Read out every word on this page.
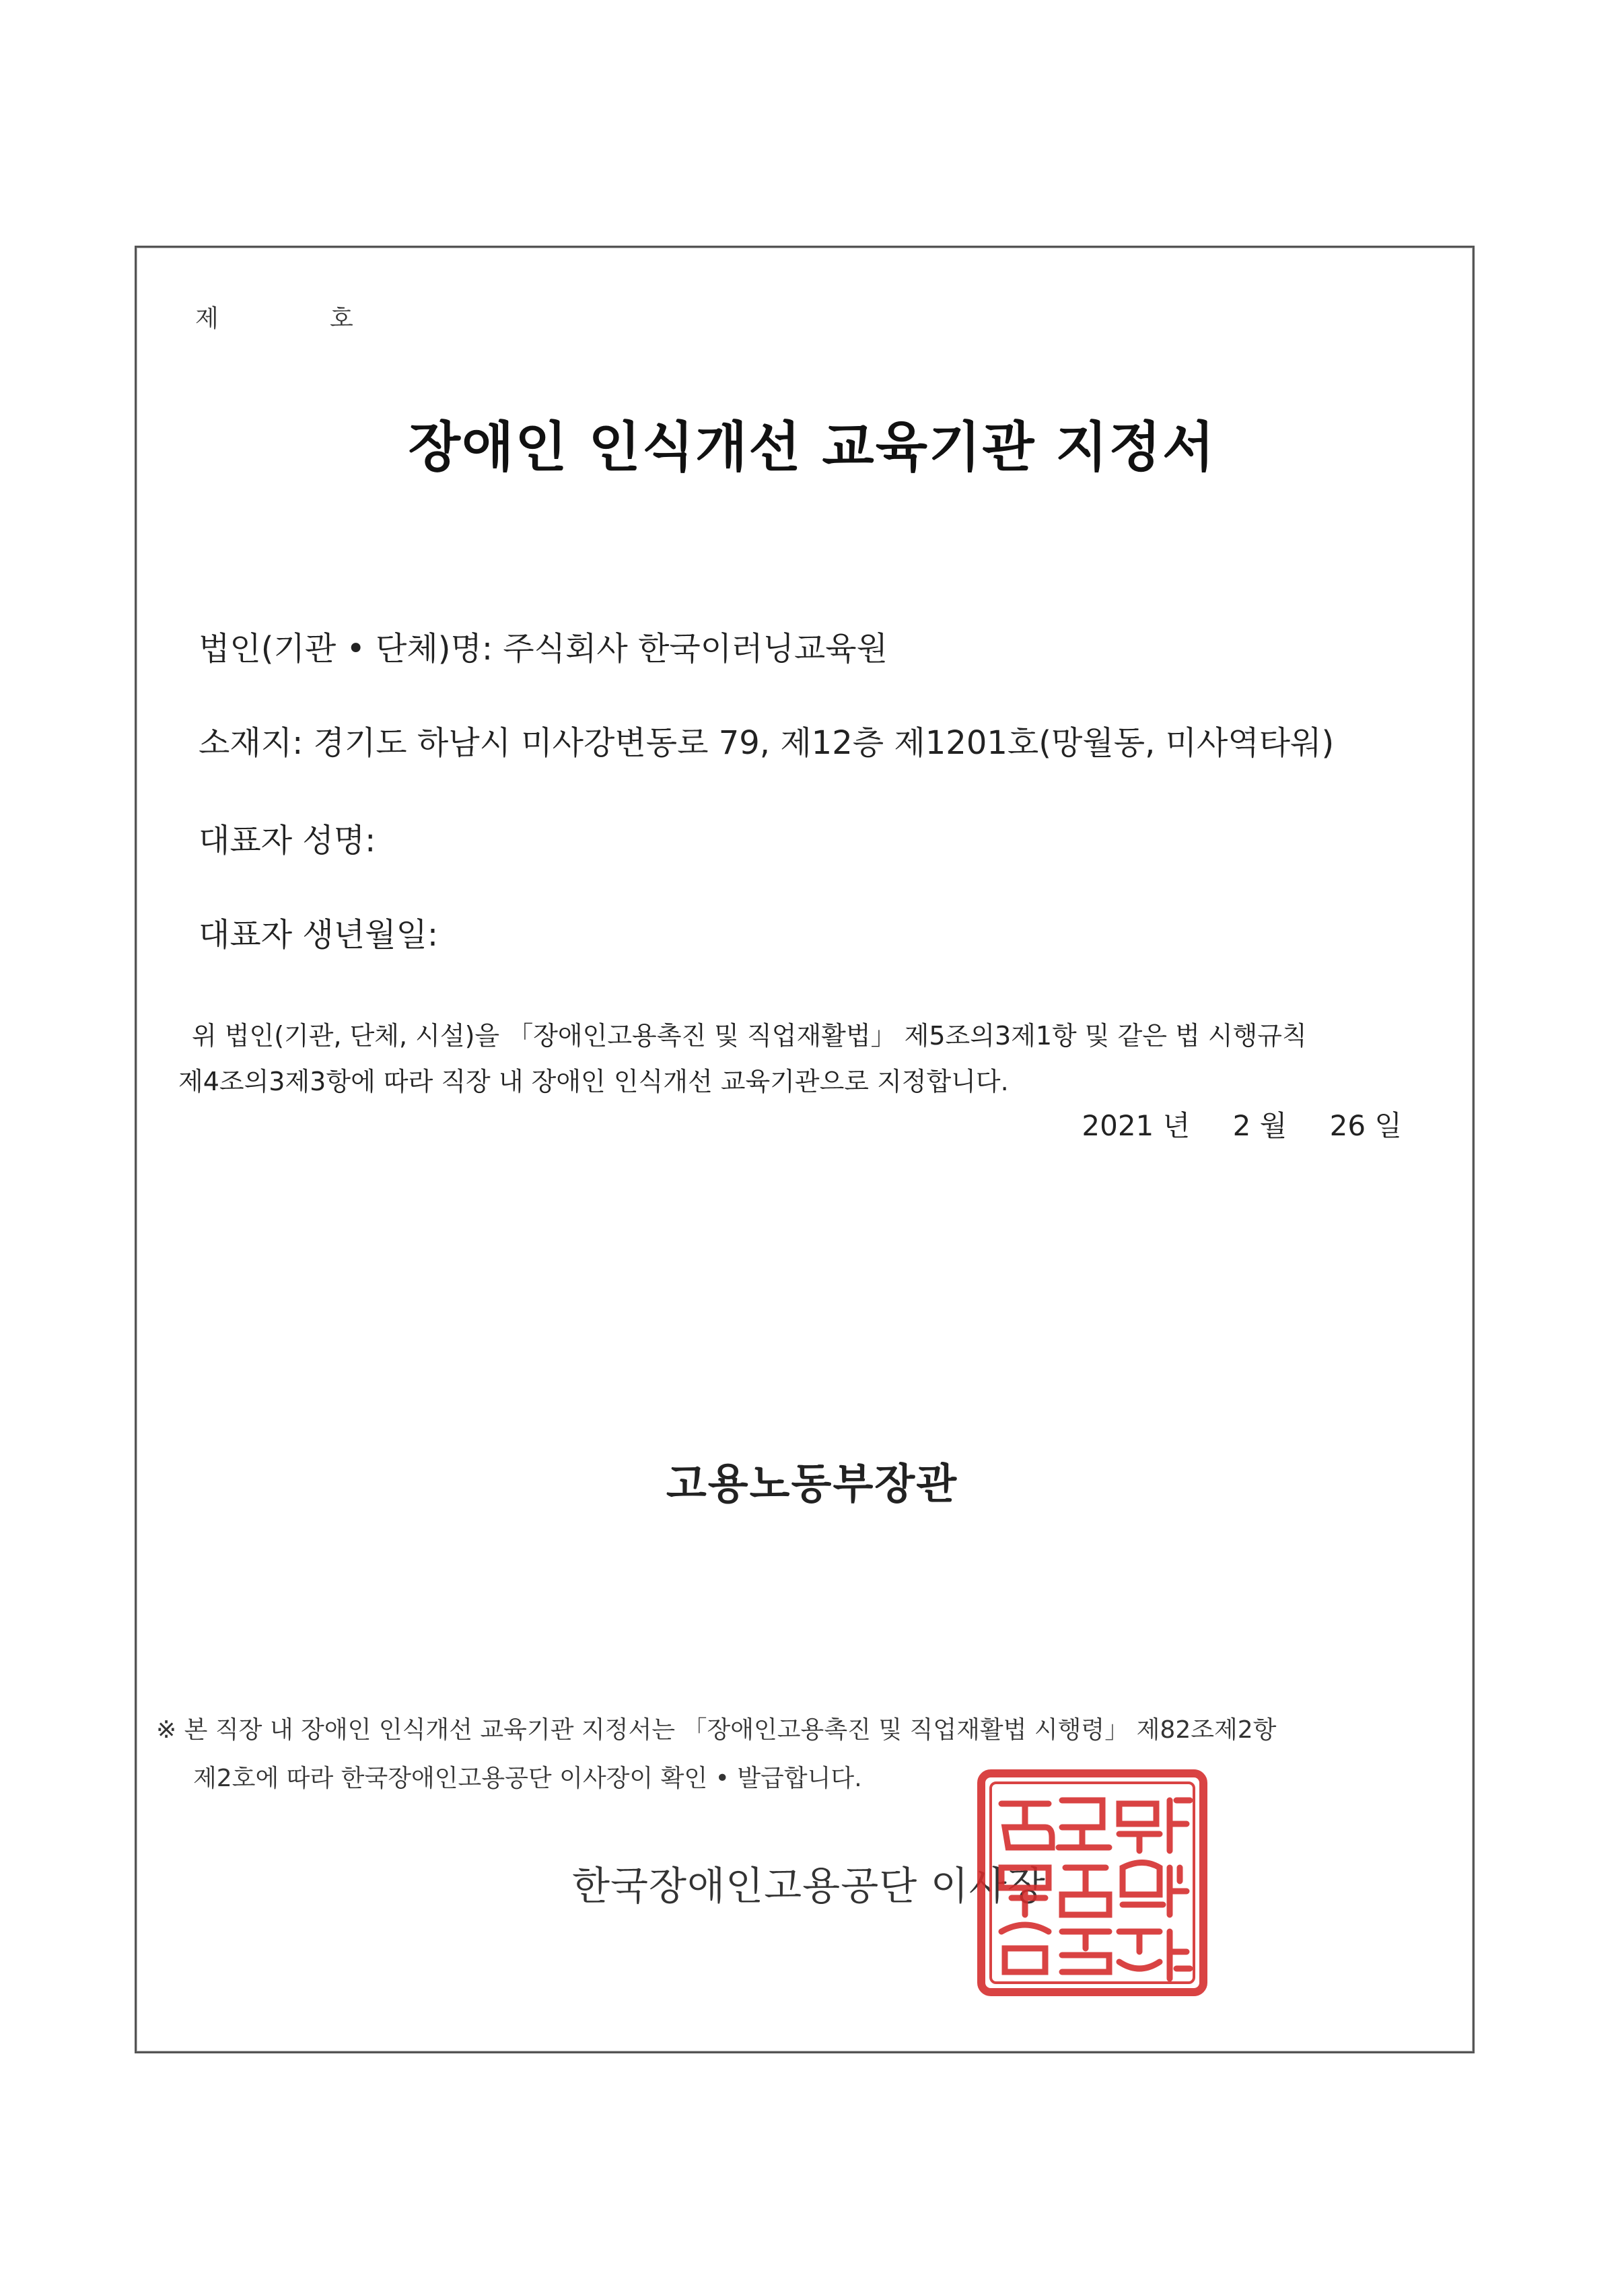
제	호
장애인 인식개선 교육기관 지정서
법인(기관 • 단체)명: 주식회사 한국이러닝교육원
소재지: 경기도 하남시 미사강변동로 79, 제12층 제1201호(망월동, 미사역타워)
대표자 성명:
대표자 생년월일:

위 법인(기관, 단체, 시설)을 「장애인고용촉진 및 직업재활법」 제5조의3제1항 및 같은 법 시행규칙

제4조의3제3항에 따라 직장 내 장애인 인식개선 교육기관으로 지정합니다.

2021 년 2 월 26 일
고용노동부장관

※ 본 직장 내 장애인 인식개선 교육기관 지정서는 「장애인고용촉진 및 직업재활법 시행령」 제82조제2항

제2호에 따라 한국장애인고용공단 이사장이 확인 • 발급합니다.

한국장애인고용공단 이사장
